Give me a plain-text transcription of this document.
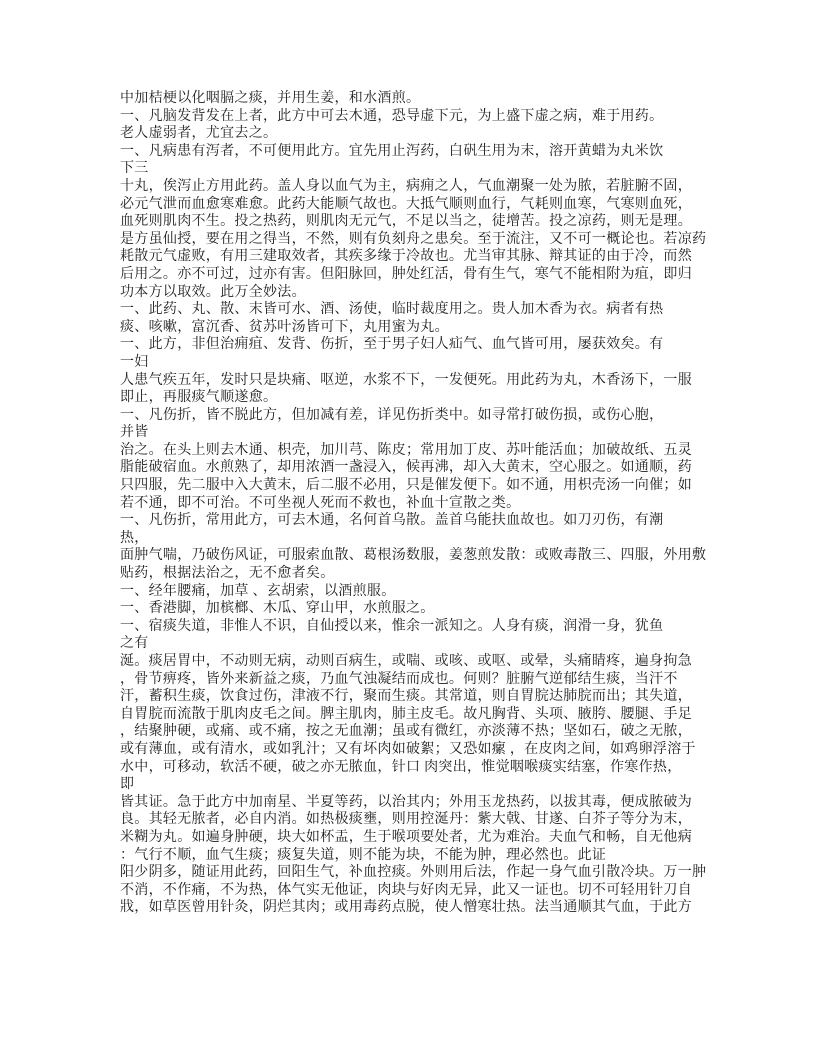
中加桔梗以化咽膈之痰，并用生姜，和水酒煎。
一、凡脑发背发在上者，此方中可去木通，恐导虚下元，为上盛下虚之病，难于用药。
老人虚弱者，尤宜去之。
一、凡病患有泻者，不可便用此方。宜先用止泻药，白矾生用为末，溶开黄蜡为丸米饮
下三
十丸，俟泻止方用此药。盖人身以血气为主，病痈之人，气血潮聚一处为脓，若脏腑不固，
必元气泄而血愈寒难愈。此药大能顺气故也。大抵气顺则血行，气耗则血寒，气寒则血死，
血死则肌肉不生。投之热药，则肌肉无元气，不足以当之，徒增苦。投之凉药，则无是理。
是方虽仙授，要在用之得当，不然，则有负刻舟之患矣。至于流注，又不可一概论也。若凉药
耗散元气虚败，有用三建取效者，其疾多缘于冷故也。尤当审其脉、辩其证的由于冷，而然
后用之。亦不可过，过亦有害。但阳脉回，肿处红活，骨有生气，寒气不能相附为疽，即归
功本方以取效。此万全妙法。
一、此药、丸、散、末皆可水、酒、汤使，临时裁度用之。贵人加木香为衣。病者有热
痰、咳嗽，富沉香、贫苏叶汤皆可下，丸用蜜为丸。
一、此方，非但治痈疽、发背、伤折，至于男子妇人疝气、血气皆可用，屡获效矣。有
一妇
人患气疾五年，发时只是块痛、呕逆，水浆不下，一发便死。用此药为丸，木香汤下，一服
即止，再服痰气顺遂愈。
一、凡伤折，皆不脱此方，但加减有差，详见伤折类中。如寻常打破伤损，或伤心胞，
并皆
治之。在头上则去木通、枳壳，加川芎、陈皮；常用加丁皮、苏叶能活血；加破故纸、五灵
脂能破宿血。水煎熟了，却用浓酒一盏浸入，候再沸，却入大黄末，空心服之。如通顺，药
只四服，先二服中入大黄末，后二服不必用，只是催发便下。如不通，用枳壳汤一向催；如
若不通，即不可治。不可坐视人死而不救也，补血十宣散之类。
一、凡伤折，常用此方，可去木通，名何首乌散。盖首乌能扶血故也。如刀刃伤，有潮
热，
面肿气喘，乃破伤风证，可服索血散、葛根汤数服，姜葱煎发散：或败毒散三、四服，外用敷
贴药，根据法治之，无不愈者矣。
一、经年腰痛，加草 、玄胡索，以酒煎服。
一、香港脚，加槟榔、木瓜、穿山甲，水煎服之。
一、宿痰失道，非惟人不识，自仙授以来，惟余一派知之。人身有痰，润滑一身，犹鱼
之有
涎。痰居胃中，不动则无病，动则百病生，或喘、或咳、或呕、或晕，头痛睛疼，遍身拘急
，骨节痹疼，皆外来新益之痰，乃血气浊凝结而成也。何则？脏腑气逆郁结生痰，当汗不
汗，蓄积生痰，饮食过伤，津液不行，聚而生痰。其常道，则自胃脘达肺脘而出；其失道，
自胃脘而流散于肌肉皮毛之间。脾主肌肉，肺主皮毛。故凡胸背、头项、腋胯、腰腿、手足
，结聚肿硬，或痛、或不痛，按之无血潮；虽或有微红，亦淡薄不热；坚如石，破之无脓，
或有薄血，或有清水，或如乳汁；又有坏肉如破絮；又恐如瘰 ，在皮肉之间，如鸡卵浮溶于
水中，可移动，软活不硬，破之亦无脓血，针口 肉突出，惟觉咽喉痰实结塞，作寒作热，
即
皆其证。急于此方中加南星、半夏等药，以治其内；外用玉龙热药，以拔其毒，便成脓破为
良。其轻无脓者，必自内消。如热极痰壅，则用控涎丹：紫大戟、甘遂、白芥子等分为末，
米糊为丸。如遍身肿硬，块大如杯盂，生于喉项要处者，尤为难治。夫血气和畅，自无他病
：气行不顺，血气生痰；痰复失道，则不能为块，不能为肿，理必然也。此证
阳少阴多，随证用此药，回阳生气，补血控痰。外则用后法，作起一身气血引散冷块。万一肿
不消，不作痛，不为热，体气实无他证，肉块与好肉无异，此又一证也。切不可轻用针刀自
戕，如草医曾用针灸，阴烂其肉；或用毒药点脱，使人憎寒壮热。法当通顺其气血，于此方
